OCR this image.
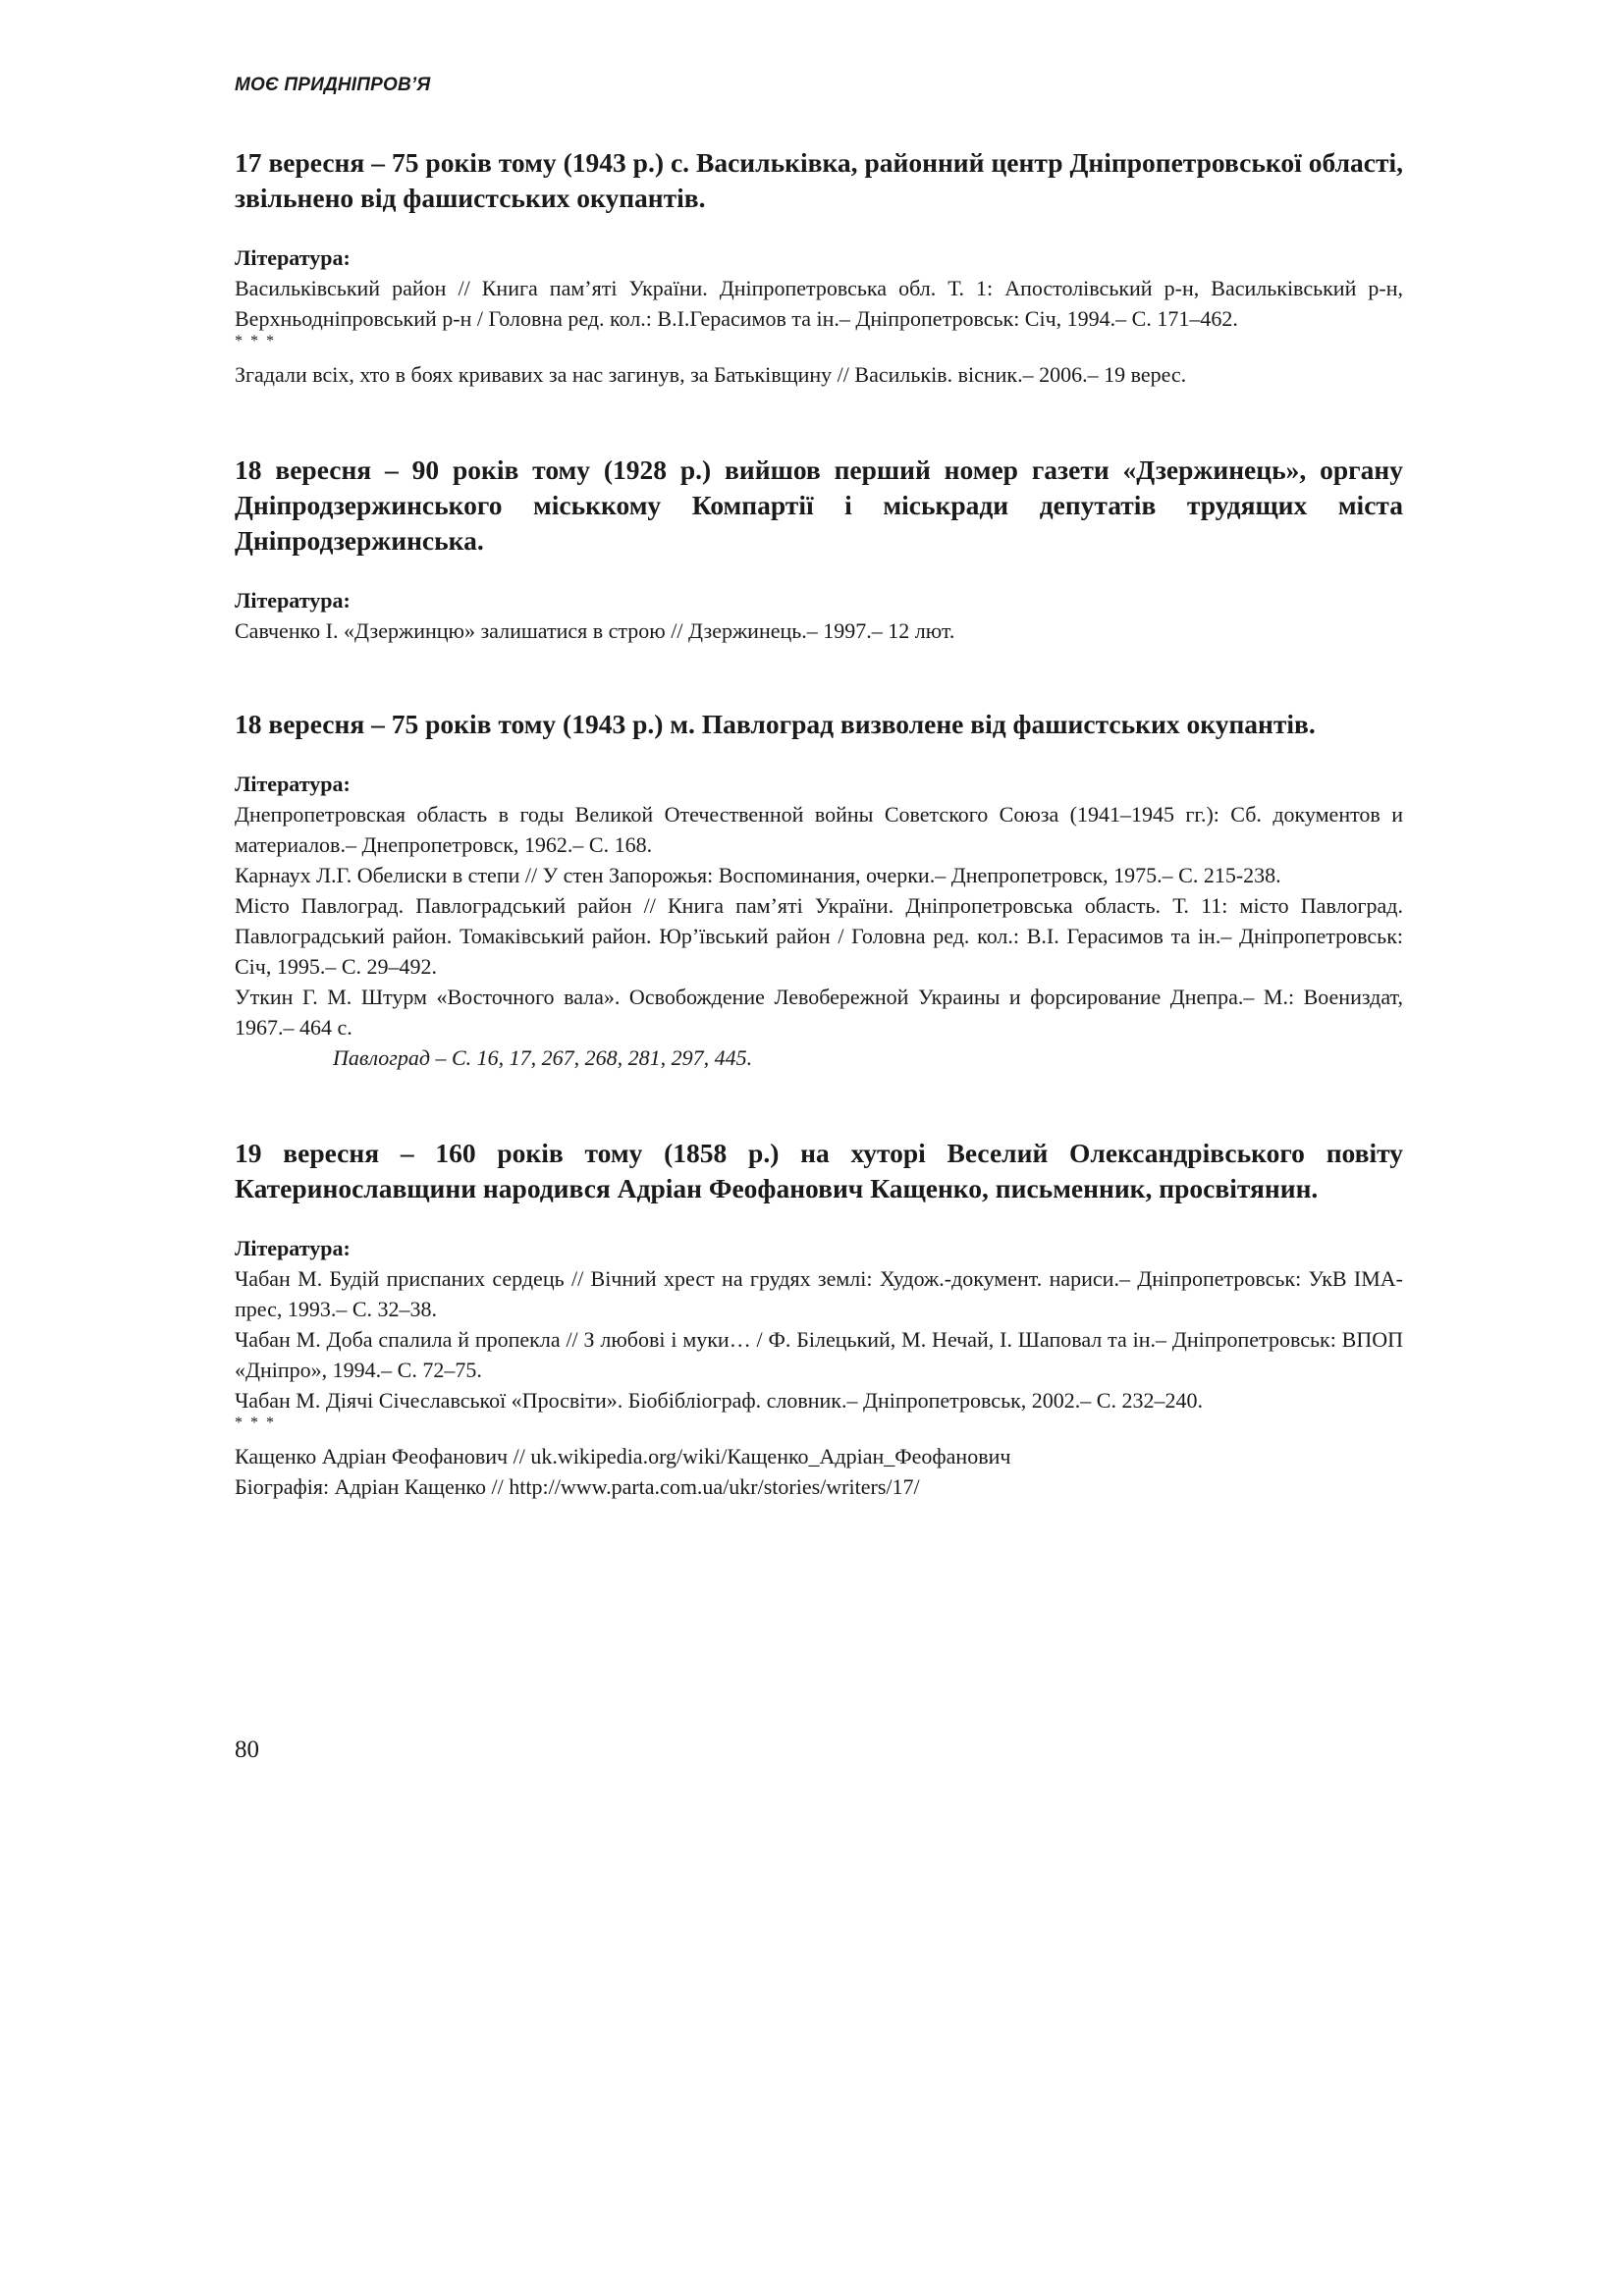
МОЄ ПРИДНІПРОВ’Я

17 вересня – 75 років тому (1943 р.) с. Васильківка, районний центр Дніпропетровської області, звільнено від фашистських окупантів.

Література:

Васильківський район // Книга пам’яті України. Дніпропетровська обл. Т. 1: Апостолівський р-н, Васильківський р-н, Верхньодніпровський р-н / Головна ред. кол.: В.І.Герасимов та ін.– Дніпропетровськ: Січ, 1994.– С. 171–462.

* * *

Згадали всіх, хто в боях кривавих за нас загинув, за Батьківщину // Васильків. вісник.– 2006.– 19 верес.

18 вересня – 90 років тому (1928 р.) вийшов перший номер газети «Дзержинець», органу Дніпродзержинського міськкому Компартії і міськради депутатів трудящих міста Дніпродзержинська.

Література:

Савченко І. «Дзержинцю» залишатися в строю // Дзержинець.– 1997.– 12 лют.

18 вересня – 75 років тому (1943 р.) м. Павлоград визволене від фашистських окупантів.

Література:

Днепропетровская область в годы Великой Отечественной войны Советского Союза (1941–1945 гг.): Сб. документов и материалов.– Днепропетровск, 1962.– С. 168.

Карнаух Л.Г. Обелиски в степи // У стен Запорожья: Воспоминания, очерки.– Днепропетровск, 1975.– С. 215-238.

Місто Павлоград. Павлоградський район // Книга пам’яті України. Дніпропетровська область. Т. 11: місто Павлоград. Павлоградський район. Томаківський район. Юр’ївський район / Головна ред. кол.: В.І. Герасимов та ін.– Дніпропетровськ: Січ, 1995.– С. 29–492.

Уткин Г. М. Штурм «Восточного вала». Освобождение Левобережной Украины и форсирование Днепра.– М.: Воениздат, 1967.– 464 с.

Павлоград – С. 16, 17, 267, 268, 281, 297, 445.

19 вересня – 160 років тому (1858 р.) на хуторі Веселий Олександрівського повіту Катеринославщини народився Адріан Феофанович Кащенко, письменник, просвітянин.

Література:

Чабан М. Будій приспаних сердець // Вічний хрест на грудях землі: Худож.-документ. нариси.– Дніпропетровськ: УкВ ІМА-прес, 1993.– С. 32–38.

Чабан М. Доба спалила й пропекла // З любові і муки… / Ф. Білецький, М. Нечай, І. Шаповал та ін.– Дніпропетровськ: ВПОП «Дніпро», 1994.– С. 72–75.

Чабан М. Діячі Січеславської «Просвіти». Біобібліограф. словник.– Дніпропетровськ, 2002.– С. 232–240.

* * *

Кащенко Адріан Феофанович // uk.wikipedia.org/wiki/Кащенко_Адріан_Феофанович

Біографія: Адріан Кащенко // http://www.parta.com.ua/ukr/stories/writers/17/

80
